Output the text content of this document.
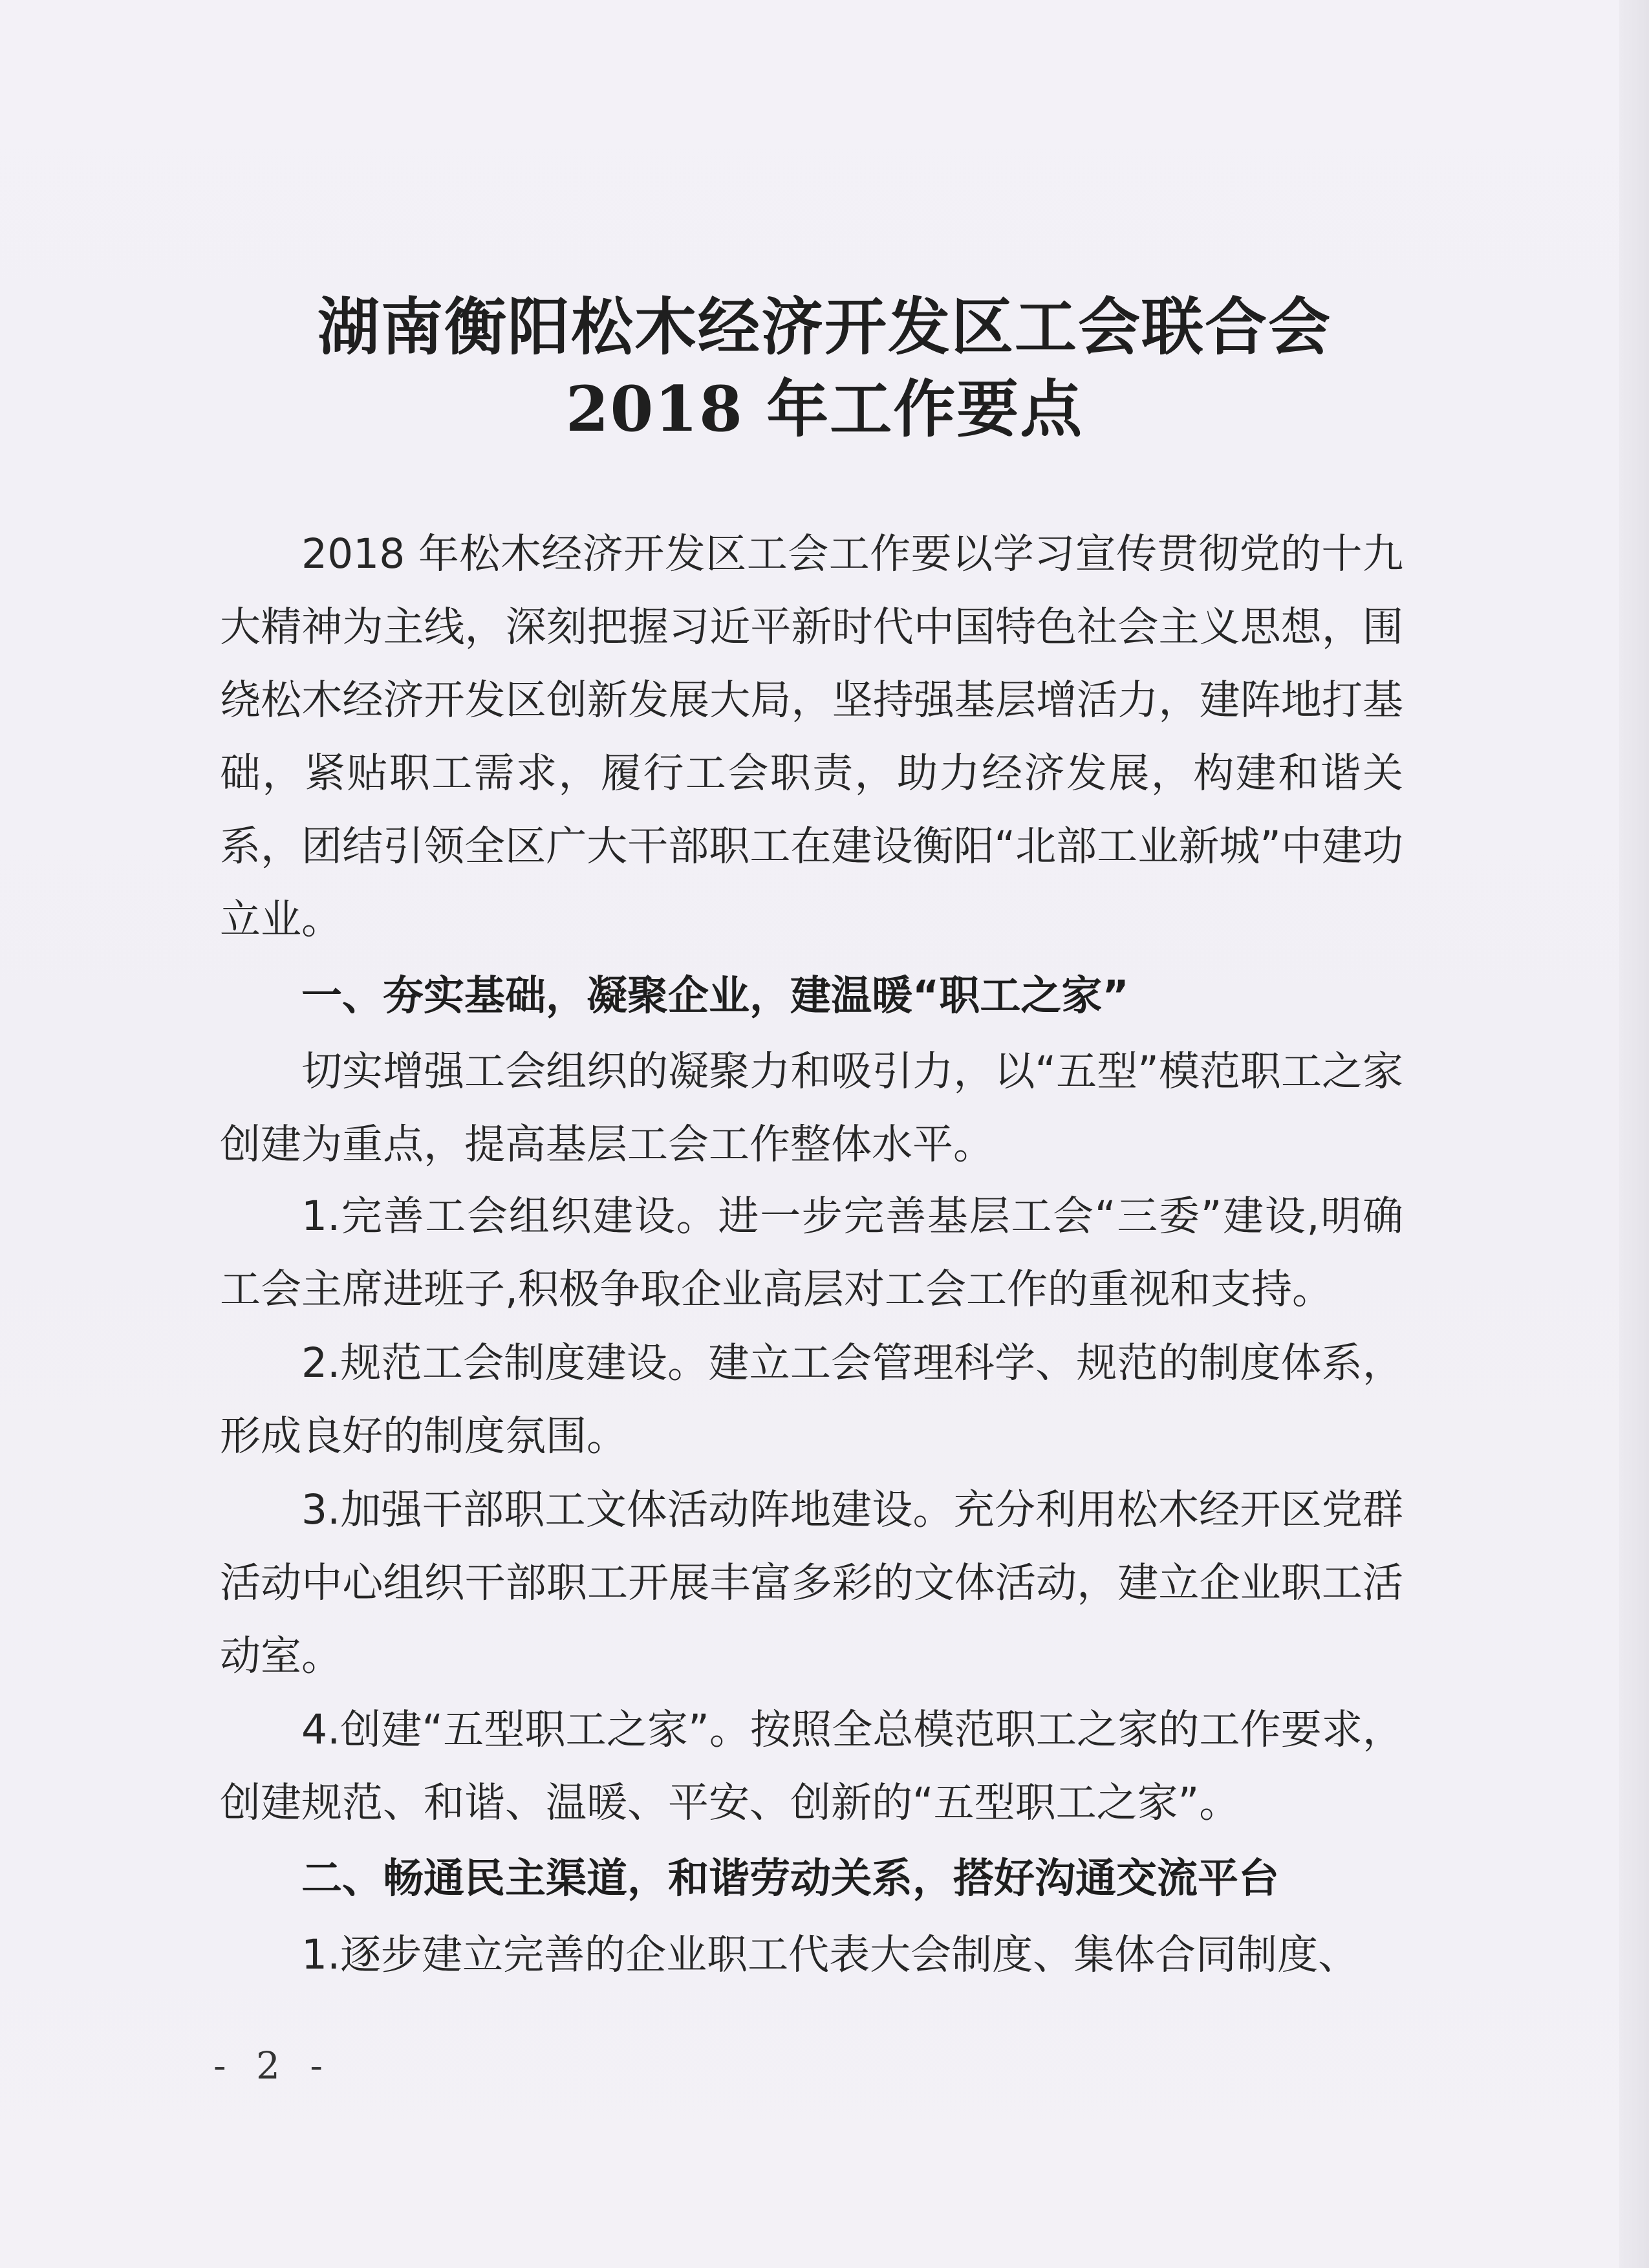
湖南衡阳松木经济开发区工会联合会
2018 年工作要点
2018 年松木经济开发区工会工作要以学习宣传贯彻党的十九大精神为主线，深刻把握习近平新时代中国特色社会主义思想，围绕松木经济开发区创新发展大局，坚持强基层增活力，建阵地打基础，紧贴职工需求，履行工会职责，助力经济发展，构建和谐关系，团结引领全区广大干部职工在建设衡阳“北部工业新城”中建功立业。
一、夯实基础，凝聚企业，建温暖“职工之家”
切实增强工会组织的凝聚力和吸引力，以“五型”模范职工之家创建为重点，提高基层工会工作整体水平。
1.完善工会组织建设。进一步完善基层工会“三委”建设,明确工会主席进班子,积极争取企业高层对工会工作的重视和支持。
2.规范工会制度建设。建立工会管理科学、规范的制度体系，形成良好的制度氛围。
3.加强干部职工文体活动阵地建设。充分利用松木经开区党群活动中心组织干部职工开展丰富多彩的文体活动，建立企业职工活动室。
4.创建“五型职工之家”。按照全总模范职工之家的工作要求，创建规范、和谐、温暖、平安、创新的“五型职工之家”。
二、畅通民主渠道，和谐劳动关系，搭好沟通交流平台
1.逐步建立完善的企业职工代表大会制度、集体合同制度、
- 2 -
